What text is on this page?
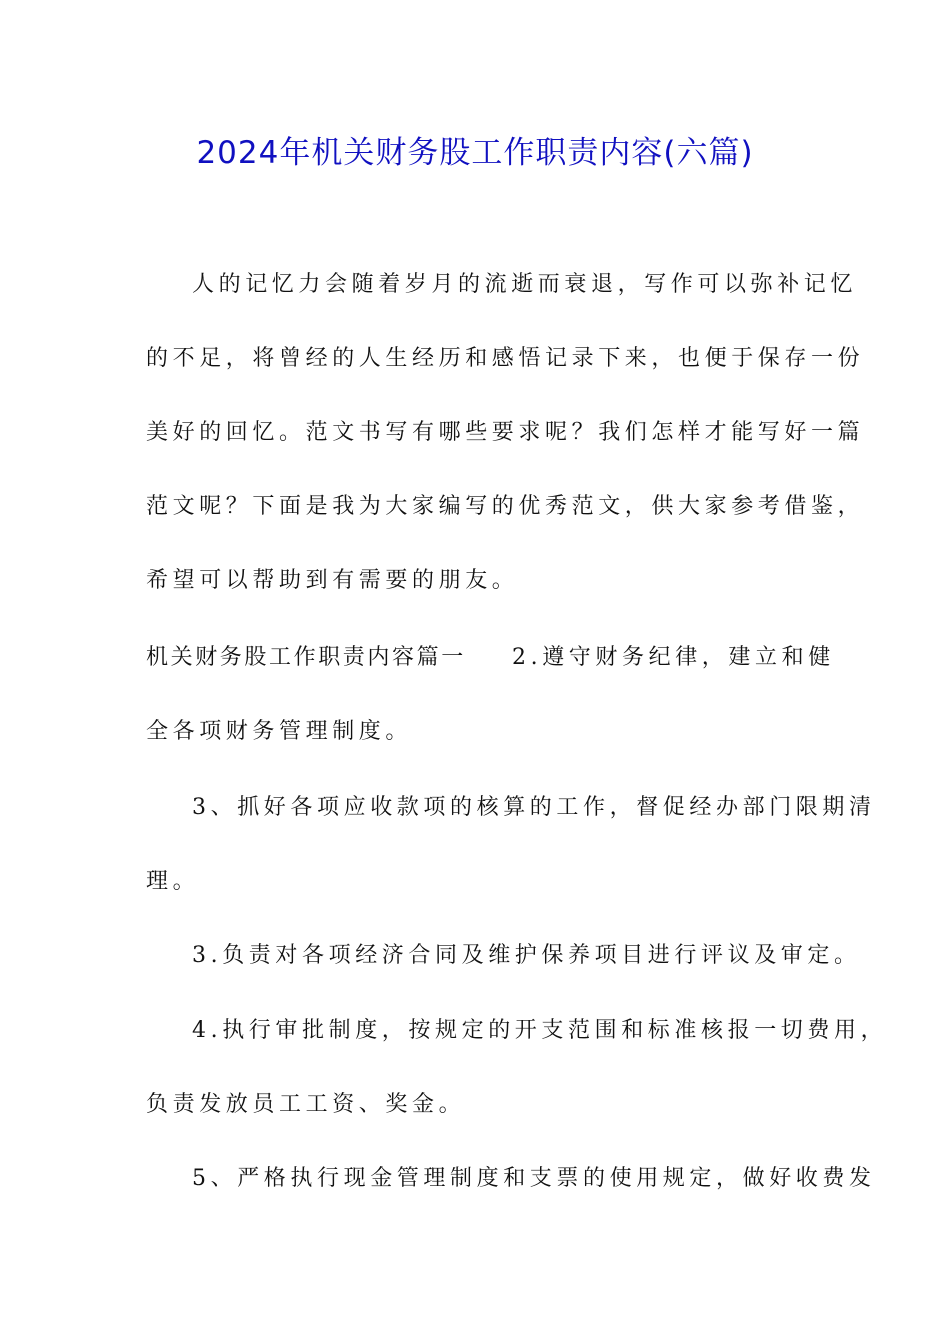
2024年机关财务股工作职责内容(六篇)
人的记忆力会随着岁月的流逝而衰退，写作可以弥补记忆
的不足，将曾经的人生经历和感悟记录下来，也便于保存一份
美好的回忆。范文书写有哪些要求呢？我们怎样才能写好一篇
范文呢？下面是我为大家编写的优秀范文，供大家参考借鉴，
希望可以帮助到有需要的朋友。
机关财务股工作职责内容篇一 2.遵守财务纪律，建立和健
全各项财务管理制度。
3、抓好各项应收款项的核算的工作，督促经办部门限期清
理。
3.负责对各项经济合同及维护保养项目进行评议及审定。
4.执行审批制度，按规定的开支范围和标准核报一切费用，
负责发放员工工资、奖金。
5、严格执行现金管理制度和支票的使用规定，做好收费发
